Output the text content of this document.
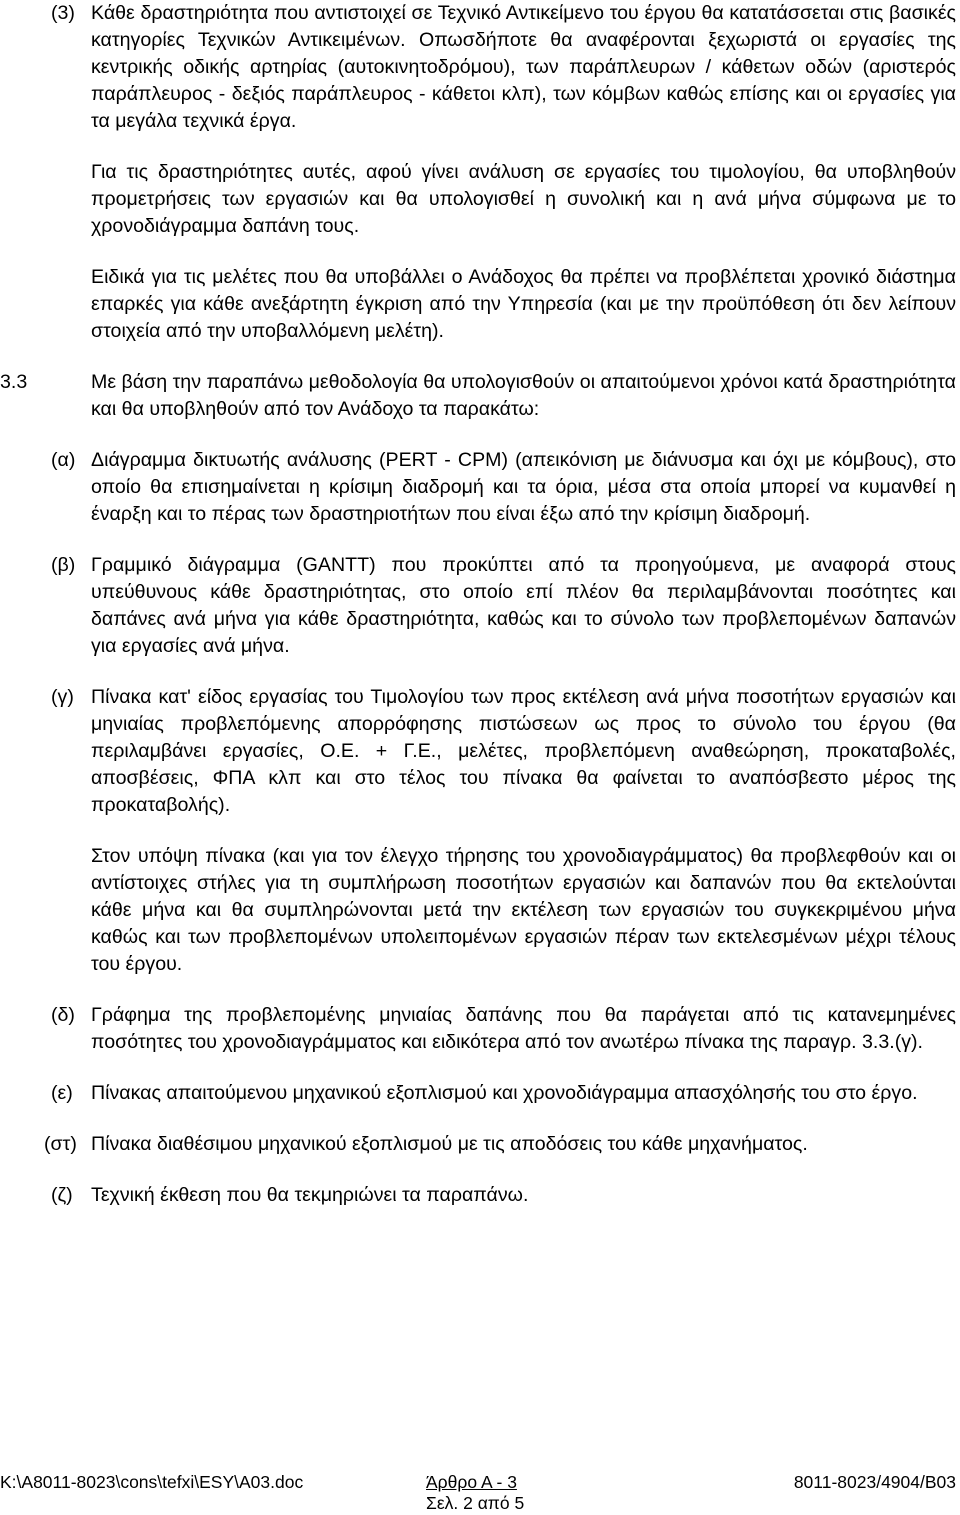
(3) Κάθε δραστηριότητα που αντιστοιχεί σε Τεχνικό Αντικείμενο του έργου θα κατατάσσεται στις βασικές κατηγορίες Τεχνικών Αντικειμένων. Οπωσδήποτε θα αναφέρονται ξεχωριστά οι εργασίες της κεντρικής οδικής αρτηρίας (αυτοκινητοδρόμου), των παράπλευρων / κάθετων οδών (αριστερός παράπλευρος - δεξιός παράπλευρος - κάθετοι κλπ), των κόμβων καθώς επίσης και οι εργασίες για τα μεγάλα τεχνικά έργα.
Για τις δραστηριότητες αυτές, αφού γίνει ανάλυση σε εργασίες του τιμολογίου, θα υποβληθούν προμετρήσεις των εργασιών και θα υπολογισθεί η συνολική και η ανά μήνα σύμφωνα με το χρονοδιάγραμμα δαπάνη τους.
Ειδικά για τις μελέτες που θα υποβάλλει ο Ανάδοχος θα πρέπει να προβλέπεται χρονικό διάστημα επαρκές για κάθε ανεξάρτητη έγκριση από την Υπηρεσία (και με την προϋπόθεση ότι δεν λείπουν στοιχεία από την υποβαλλόμενη μελέτη).
3.3	Με βάση την παραπάνω μεθοδολογία θα υπολογισθούν οι απαιτούμενοι χρόνοι κατά δραστηριότητα και θα υποβληθούν από τον Ανάδοχο τα παρακάτω:
(α) Διάγραμμα δικτυωτής ανάλυσης (PERT - CPM) (απεικόνιση με διάνυσμα και όχι με κόμβους), στο οποίο θα επισημαίνεται η κρίσιμη διαδρομή και τα όρια, μέσα στα οποία μπορεί να κυμανθεί η έναρξη και το πέρας των δραστηριοτήτων που είναι έξω από την κρίσιμη διαδρομή.
(β) Γραμμικό διάγραμμα (GANTT) που προκύπτει από τα προηγούμενα, με αναφορά στους υπεύθυνους κάθε δραστηριότητας, στο οποίο επί πλέον θα περιλαμβάνονται ποσότητες και δαπάνες ανά μήνα για κάθε δραστηριότητα, καθώς και το σύνολο των προβλεπομένων δαπανών για εργασίες ανά μήνα.
(γ) Πίνακα κατ' είδος εργασίας του Τιμολογίου των προς εκτέλεση ανά μήνα ποσοτήτων εργασιών και μηνιαίας προβλεπόμενης απορρόφησης πιστώσεων ως προς το σύνολο του έργου (θα περιλαμβάνει εργασίες, Ο.Ε. + Γ.Ε., μελέτες, προβλεπόμενη αναθεώρηση, προκαταβολές, αποσβέσεις, ΦΠΑ κλπ και στο τέλος του πίνακα θα φαίνεται το αναπόσβεστο μέρος της προκαταβολής).
Στον υπόψη πίνακα (και για τον έλεγχο τήρησης του χρονοδιαγράμματος) θα προβλεφθούν και οι αντίστοιχες στήλες για τη συμπλήρωση ποσοτήτων εργασιών και δαπανών που θα εκτελούνται κάθε μήνα και θα συμπληρώνονται μετά την εκτέλεση των εργασιών του συγκεκριμένου μήνα καθώς και των προβλεπομένων υπολειπομένων εργασιών πέραν των εκτελεσμένων μέχρι τέλους του έργου.
(δ) Γράφημα της προβλεπομένης μηνιαίας δαπάνης που θα παράγεται από τις κατανεμημένες ποσότητες του χρονοδιαγράμματος και ειδικότερα από τον ανωτέρω πίνακα της παραγρ. 3.3.(γ).
(ε) Πίνακας απαιτούμενου μηχανικού εξοπλισμού και χρονοδιάγραμμα απασχόλησής του στο έργο.
(στ) Πίνακα διαθέσιμου μηχανικού εξοπλισμού με τις αποδόσεις του κάθε μηχανήματος.
(ζ) Τεχνική έκθεση που θα τεκμηριώνει τα παραπάνω.
K:\A8011-8023\cons\tefxi\ESY\A03.doc	Άρθρο Α - 3	8011-8023/4904/Β03
Σελ. 2 από 5
